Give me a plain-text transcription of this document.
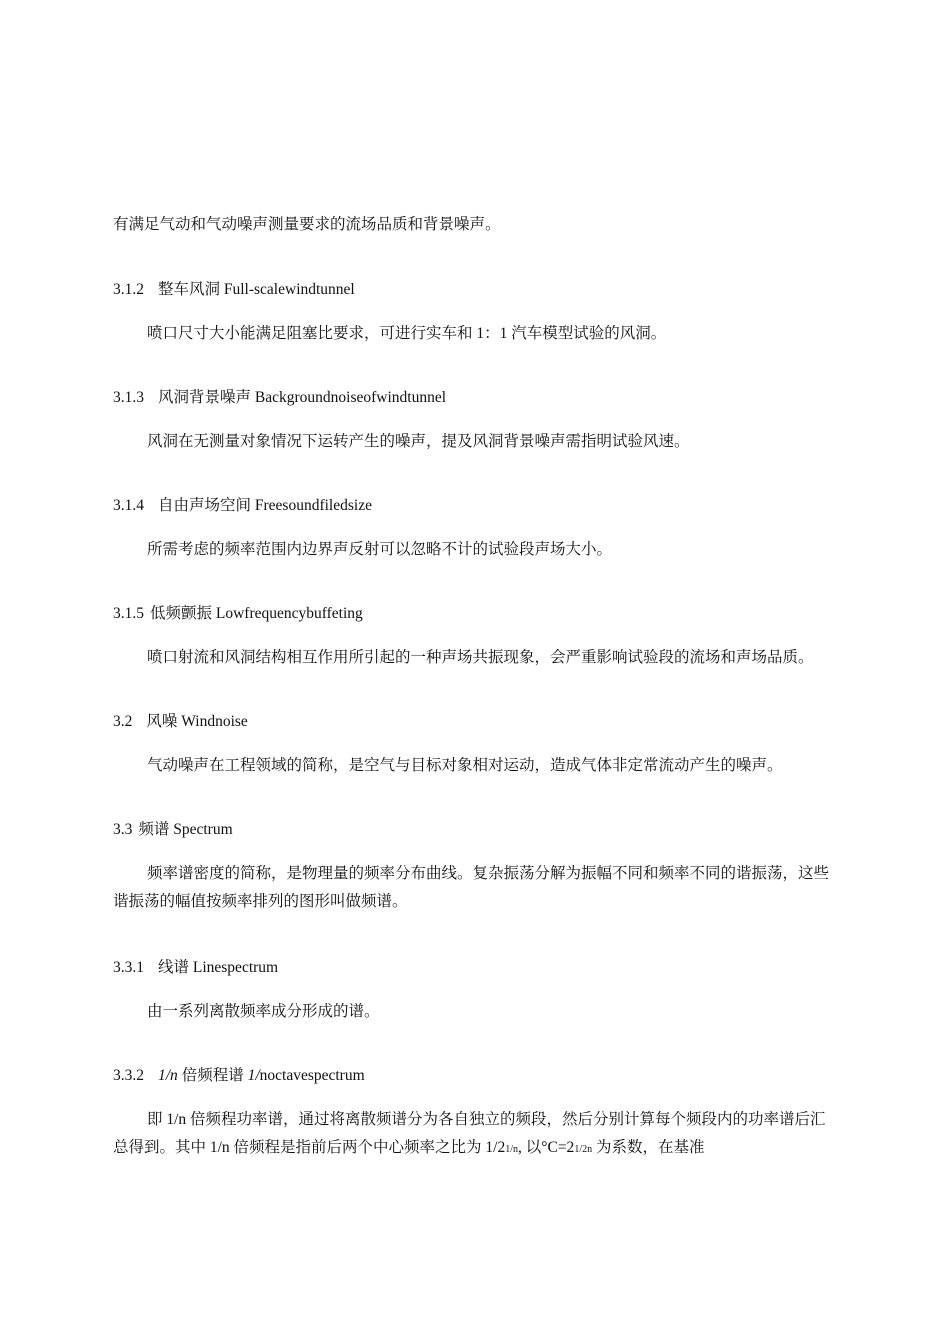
有满足气动和气动噪声测量要求的流场品质和背景噪声。
3.1.2 整车风洞 Full-scalewindtunnel
喷口尺寸大小能满足阻塞比要求，可进行实车和 1：1 汽车模型试验的风洞。
3.1.3 风洞背景噪声 Backgroundnoiseofwindtunnel
风洞在无测量对象情况下运转产生的噪声，提及风洞背景噪声需指明试验风速。
3.1.4 自由声场空间 Freesoundfiledsize
所需考虑的频率范围内边界声反射可以忽略不计的试验段声场大小。
3.1.5 低频颤振 Lowfrequencybuffeting
喷口射流和风洞结构相互作用所引起的一种声场共振现象，会严重影响试验段的流场和声场品质。
3.2 风噪 Windnoise
气动噪声在工程领域的简称，是空气与目标对象相对运动，造成气体非定常流动产生的噪声。
3.3 频谱 Spectrum
频率谱密度的简称，是物理量的频率分布曲线。复杂振荡分解为振幅不同和频率不同的谐振荡，这些谐振荡的幅值按频率排列的图形叫做频谱。
3.3.1 线谱 Linespectrum
由一系列离散频率成分形成的谱。
3.3.2 1/n 倍频程谱 1/noctavespectrum
即 1/n 倍频程功率谱，通过将离散频谱分为各自独立的频段，然后分别计算每个频段内的功率谱后汇总得到。其中 1/n 倍频程是指前后两个中心频率之比为 1/21/n, 以°C=21/2n 为系数，在基准
